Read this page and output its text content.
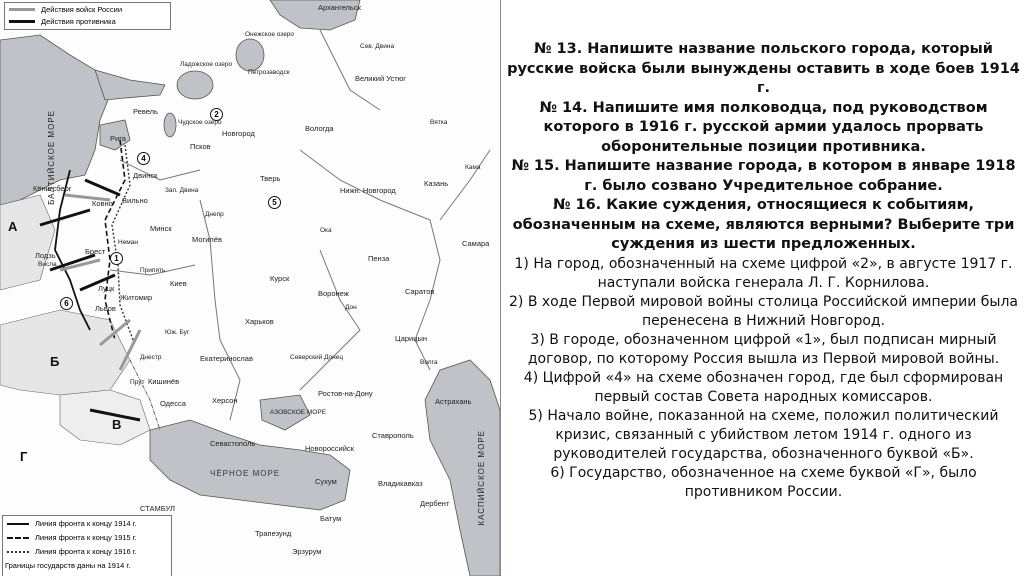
Действия войск России
Действия противника
Линия фронта к концу 1914 г.
Линия фронта к концу 1915 г.
Линия фронта к концу 1916 г.
Границы государств даны на 1914 г.
А
Б
В
Г
1
2
4
5
6
БАЛТИЙСКОЕ МОРЕ
ЧЁРНОЕ МОРЕ
АЗОВСКОЕ МОРЕ
КАСПИЙСКОЕ МОРЕ
Сев. Двина
Зап. Двина
Неман
Припять
Днепр
Дон
Волга
Ока
Кама
Северский Донец
Днестр
Юж. Буг
Вятка
Висла
Прут
Архангельск
Петрозаводск
Ладожское озеро
Онежское озеро
Ревель
Чудское озеро
Псков
Новгород
Вологда
Великий Устюг
Казань
Нижн. Новгород
Самара
Пенза
Саратов
Воронеж
Курск
Харьков
Киев
Житомир
Минск
Могилёв
Вильно
Ковно
Двинск
Рига
Кёнигсберг
Лодзь	Брест
Львов
Луцк
Кишинёв
Одесса	Херсон
Екатеринослав
Ростов-на-Дону
Севастополь
Новороссийск
Царицын
Астрахань
Ставрополь
Владикавказ
Сухум
Батум
Эрзурум
Трапезунд
СТАМБУЛ
Тверь
Дербент

№ 13. Напишите название польского города, который русские войска были вынуждены оставить в ходе боев 1914 г.

№ 14. Напишите имя полководца, под руководством которого в 1916 г. русской армии удалось прорвать оборонительные позиции противника.

№ 15. Напишите название города, в котором в январе 1918 г. было созвано Учредительное собрание.

№ 16. Какие суждения, относящиеся к событиям, обозначенным на схеме, являются верными? Выберите три суждения из шести предложенных.

1) На город, обозначенный на схеме цифрой «2», в августе 1917 г. наступали войска генерала Л. Г. Корнилова.

2) В ходе Первой мировой войны столица Российской империи была перенесена в Нижний Новгород.

3) В городе, обозначенном цифрой «1», был подписан мирный договор, по которому Россия вышла из Первой мировой войны.

4) Цифрой «4» на схеме обозначен город, где был сформирован первый состав Совета народных комиссаров.

5) Начало войне, показанной на схеме, положил политический кризис, связанный с убийством летом 1914 г. одного из руководителей государства, обозначенного буквой «Б».

6) Государство, обозначенное на схеме буквой «Г», было противником России.
